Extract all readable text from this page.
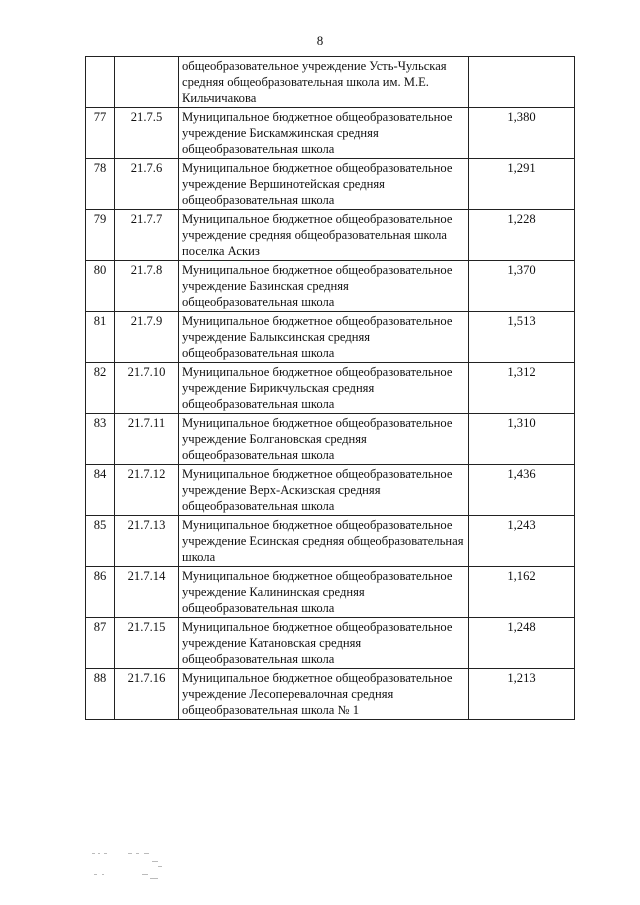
8
		общеобразовательное учреждение Усть-Чульская средняя общеобразовательная школа им. М.Е. Кильчичакова	
77	21.7.5	Муниципальное бюджетное общеобразовательное учреждение Бискамжинская средняя общеобразовательная школа	1,380
78	21.7.6	Муниципальное бюджетное общеобразовательное учреждение Вершинотейская средняя общеобразовательная школа	1,291
79	21.7.7	Муниципальное бюджетное общеобразовательное учреждение средняя общеобразовательная школа поселка Аскиз	1,228
80	21.7.8	Муниципальное бюджетное общеобразовательное учреждение Базинская средняя общеобразовательная школа	1,370
81	21.7.9	Муниципальное бюджетное общеобразовательное учреждение Балыксинская средняя общеобразовательная школа	1,513
82	21.7.10	Муниципальное бюджетное общеобразовательное учреждение Бирикчульская средняя общеобразовательная школа	1,312
83	21.7.11	Муниципальное бюджетное общеобразовательное учреждение Болгановская средняя общеобразовательная школа	1,310
84	21.7.12	Муниципальное бюджетное общеобразовательное учреждение Верх-Аскизская средняя общеобразовательная школа	1,436
85	21.7.13	Муниципальное бюджетное общеобразовательное учреждение Есинская средняя общеобразовательная школа	1,243
86	21.7.14	Муниципальное бюджетное общеобразовательное учреждение Калининская средняя общеобразовательная школа	1,162
87	21.7.15	Муниципальное бюджетное общеобразовательное учреждение Катановская средняя общеобразовательная школа	1,248
88	21.7.16	Муниципальное бюджетное общеобразовательное учреждение Лесоперевалочная средняя общеобразовательная школа № 1	1,213
